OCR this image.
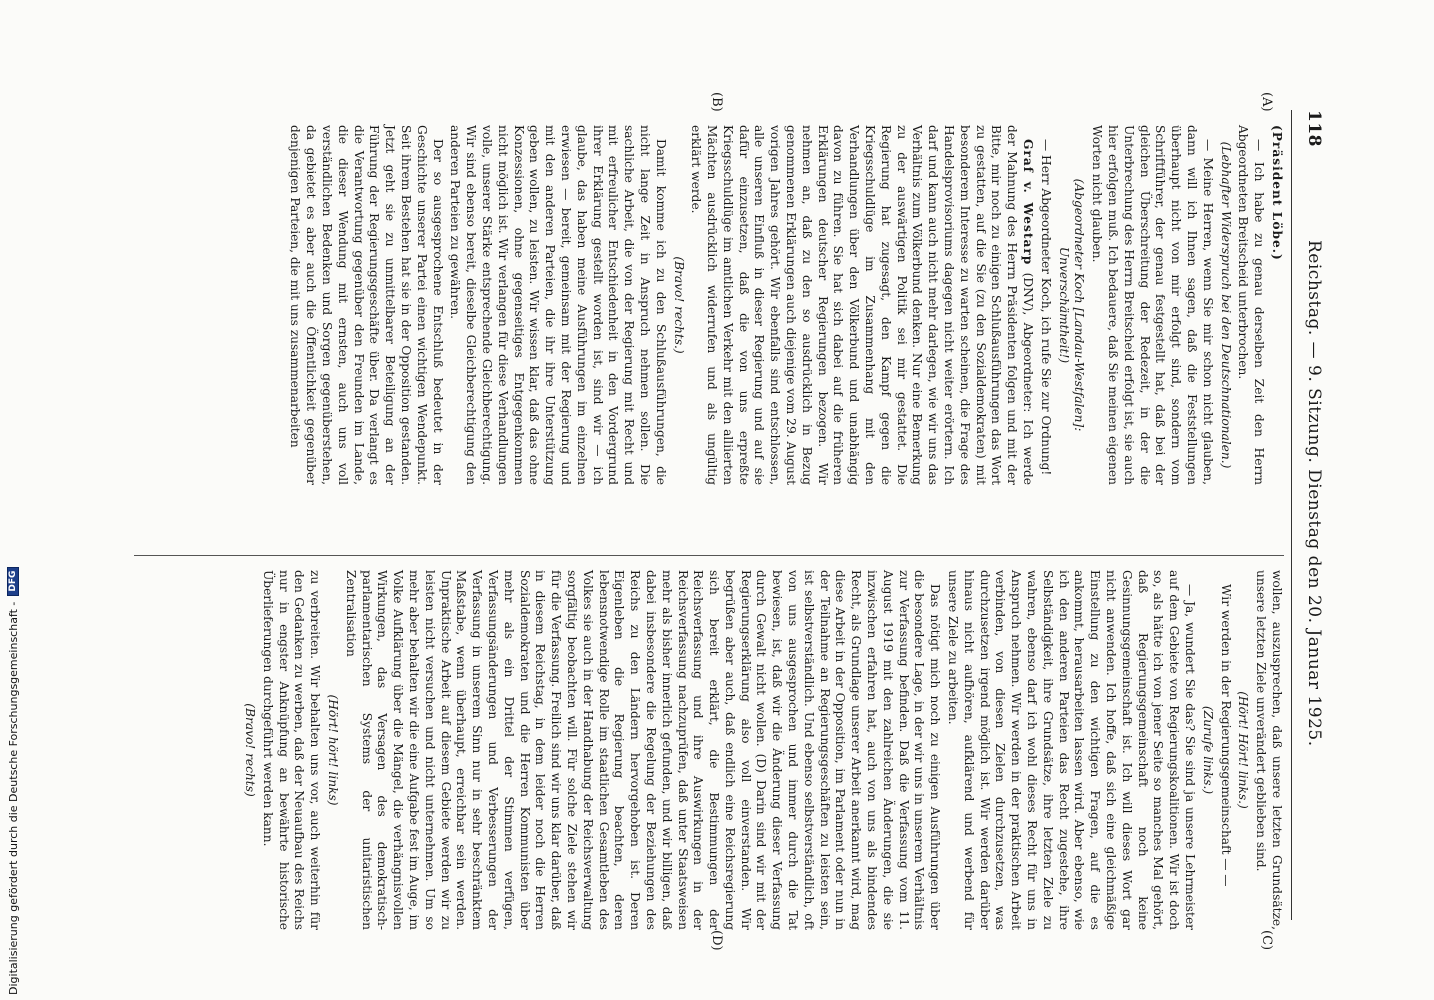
118
Reichstag. — 9. Sitzung. Dienstag den 20. Januar 1925.
(A)
(B)
(C)
(D)

(Präsident Löbe.)

— Ich habe zu genau derselben Zeit den Herrn Abgeordneten Breitscheid unterbrochen.

(Lebhafter Widerspruch bei den Deutschnationalen.)

— Meine Herren, wenn Sie mir schon nicht glauben, dann will ich Ihnen sagen, daß die Feststellungen überhaupt nicht von mir erfolgt sind, sondern vom Schriftführer, der genau festgestellt hat, daß bei der gleichen Überschreitung der Redezeit, in der die Unterbrechung des Herrn Breitscheid erfolgt ist, sie auch hier erfolgen muß. Ich bedauere, daß Sie meinen eigenen Worten nicht glauben.

(Abgeordneter Koch [Landau-Westfalen]: Unverschämtheit!)

— Herr Abgeordneter Koch, ich rufe Sie zur Ordnung!

Graf v. Westarp (DNV), Abgeordneter: Ich werde der Mahnung des Herrn Präsidenten folgen und mit der Bitte, mir noch zu einigen Schlußausführungen das Wort zu gestatten, auf die Sie (zu den Sozialdemokraten) mit besonderem Interesse zu warten scheinen, die Frage des Handelsprovisoriums dagegen nicht weiter erörtern. Ich darf und kann auch nicht mehr darlegen, wie wir uns das Verhältnis zum Völkerbund denken. Nur eine Bemerkung zu der auswärtigen Politik sei mir gestattet. Die Regierung hat zugesagt, den Kampf gegen die Kriegsschuldlüge im Zusammenhang mit den Verhandlungen über den Völkerbund und unabhängig davon zu führen. Sie hat sich dabei auf die früheren Erklärungen deutscher Regierungen bezogen. Wir nehmen an, daß zu den so ausdrücklich in Bezug genommenen Erklärungen auch diejenige vom 29. August vorigen Jahres gehört. Wir ebenfalls sind entschlossen, alle unseren Einfluß in dieser Regierung und auf sie dafür einzusetzen, daß die von uns erpreßte Kriegsschuldlüge im amtlichen Verkehr mit den alliierten Mächten ausdrücklich widerrufen und als ungültig erklärt werde.

(Bravo! rechts.)

Damit komme ich zu den Schlußausführungen, die nicht lange Zeit in Anspruch nehmen sollen. Die sachliche Arbeit, die von der Regierung mit Recht und mit erfreulicher Entschiedenheit in den Vordergrund ihrer Erklärung gestellt worden ist, sind wir — ich glaube, das haben meine Ausführungen im einzelnen erwiesen — bereit, gemeinsam mit der Regierung und mit den anderen Parteien, die ihr ihre Unterstützung geben wollen, zu leisten. Wir wissen klar, daß das ohne Konzessionen, ohne gegenseitiges Entgegenkommen nicht möglich ist. Wir verlangen für diese Verhandlungen volle, unserer Stärke entsprechende Gleichberechtigung. Wir sind ebenso bereit, dieselbe Gleichberechtigung den anderen Parteien zu gewähren.

Der so ausgesprochene Entschluß bedeutet in der Geschichte unserer Partei einen wichtigen Wendepunkt. Seit ihrem Bestehen hat sie in der Opposition gestanden. Jetzt geht sie zu unmittelbarer Beteiligung an der Führung der Regierungsgeschäfte über. Da verlangt es die Verantwortung gegenüber den Freunden im Lande, die dieser Wendung mit ernsten, auch uns voll verständlichen Bedenken und Sorgen gegenüberstehen, da gebietet es aber auch die Öffentlichkeit gegenüber denjenigen Parteien, die mit uns zusammenarbeiten

wollen, auszusprechen, daß unsere letzten Grundsätze, unsere letzten Ziele unverändert geblieben sind.

(Hört! Hört! links.)

Wir werden in der Regierungsgemeinschaft — —

(Zurufe links.)

— Ja, wundert Sie das? Sie sind ja unsere Lehrmeister auf dem Gebiete von Regierungskoalitionen. Wir ist doch so, als hätte ich von jener Seite so manches Mal gehört, daß Regierungsgemeinschaft noch keine Gesinnungsgemeinschaft ist. Ich will dieses Wort gar nicht anwenden. Ich hoffe, daß sich eine gleichmäßige Einstellung zu den wichtigen Fragen, auf die es ankommt, herausarbeiten lassen wird. Aber ebenso, wie ich den anderen Parteien das Recht zugestehe, ihre Selbständigkeit, ihre Grundsätze, ihre letzten Ziele zu wahren, ebenso darf ich wohl dieses Recht für uns in Anspruch nehmen. Wir werden in der praktischen Arbeit verbinden, von diesen Zielen durchzusetzen, was durchzusetzen irgend möglich ist. Wir werden darüber hinaus nicht aufhören, aufklärend und werbend für unsere Ziele zu arbeiten.

Das nötigt mich noch zu einigen Ausführungen über die besondere Lage, in der wir uns in unserem Verhältnis zur Verfassung befinden. Daß die Verfassung vom 11. August 1919 mit den zahlreichen Änderungen, die sie inzwischen erfahren hat, auch von uns als bindendes Recht, als Grundlage unserer Arbeit anerkannt wird, mag diese Arbeit in der Opposition, im Parlament oder nun in der Teilnahme an Regierungsgeschäften zu leisten sein, ist selbstverständlich. Und ebenso selbstverständlich, oft von uns ausgesprochen und immer durch die Tat bewiesen, ist, daß wir die Änderung dieser Verfassung durch Gewalt nicht wollen. (D) Darin sind wir mit der Regierungserklärung also voll einverstanden. Wir begrüßen aber auch, daß endlich eine Reichsregierung sich bereit erklärt, die Bestimmungen der Reichsverfassung und ihre Auswirkungen in der Reichsverfassung nachzuprüfen, daß unter Staatsweisen mehr als bisher innerlich gefunden, und wir billigen, daß dabei insbesondere die Regelung der Beziehungen des Reichs zu den Ländern hervorgehoben ist. Deren Eigenleben die Regierung beachten, deren lebensnotwendige Rolle im staatlichen Gesamtleben des Volkes sie auch in der Handhabung der Reichsverwaltung sorgfältig beobachten will. Für solche Ziele stehen wir für die Verfassung. Freilich sind wir uns klar darüber, daß in diesem Reichstag, in dem leider noch die Herren Sozialdemokraten und die Herren Kommunisten über mehr als ein Drittel der Stimmen verfügen, Verfassungsänderungen und Verbesserungen der Verfassung in unserem Sinn nur in sehr beschränktem Maßstabe, wenn überhaupt, erreichbar sein werden. Unpraktische Arbeit auf diesem Gebiete werden wir zu leisten nicht versuchen und nicht unternehmen. Um so mehr aber behalten wir die eine Aufgabe fest im Auge, im Volke Aufklärung über die Mängel, die verhängnisvollen Wirkungen, das Versagen des demokratisch-parlamentarischen Systems der unitaristischen Zentralisation

(Hört! hört! links)

zu verbreiten. Wir behalten uns vor, auch weiterhin für den Gedanken zu werben, daß der Neuaufbau des Reichs nur in engster Anknüpfung an bewährte historische Überlieferungen durchgeführt werden kann.

(Bravo! rechts)

Digitalisierung gefördert durch die Deutsche Forschungsgemeinschaft -
DFG
